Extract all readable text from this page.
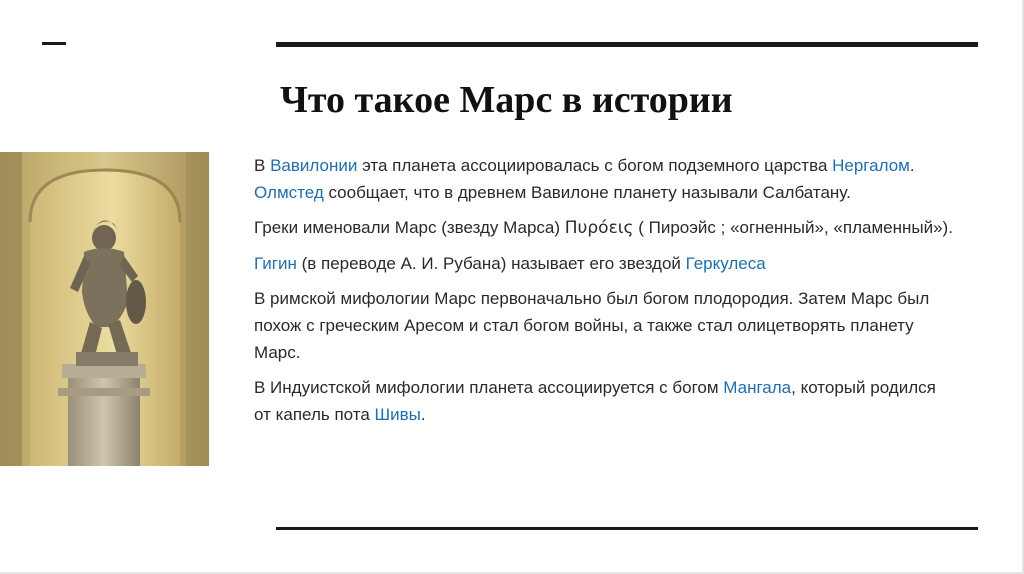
Что такое Марс в истории

В Вавилонии эта планета ассоциировалась с богом подземного царства Нергалом. Олмстед сообщает, что в древнем Вавилоне планету называли Салбатану.

Греки именовали Марс (звезду Марса) Πυρόεις ( Пироэйс ; «огненный», «пламенный»).

Гигин (в переводе А. И. Рубана) называет его звездой Геркулеса

В римской мифологии Марс первоначально был богом плодородия. Затем Марс был похож с греческим Аресом и стал богом войны, а также стал олицетворять планету Марс.

В Индуистской мифологии планета ассоциируется с богом Мангала, который родился от капель пота Шивы.
